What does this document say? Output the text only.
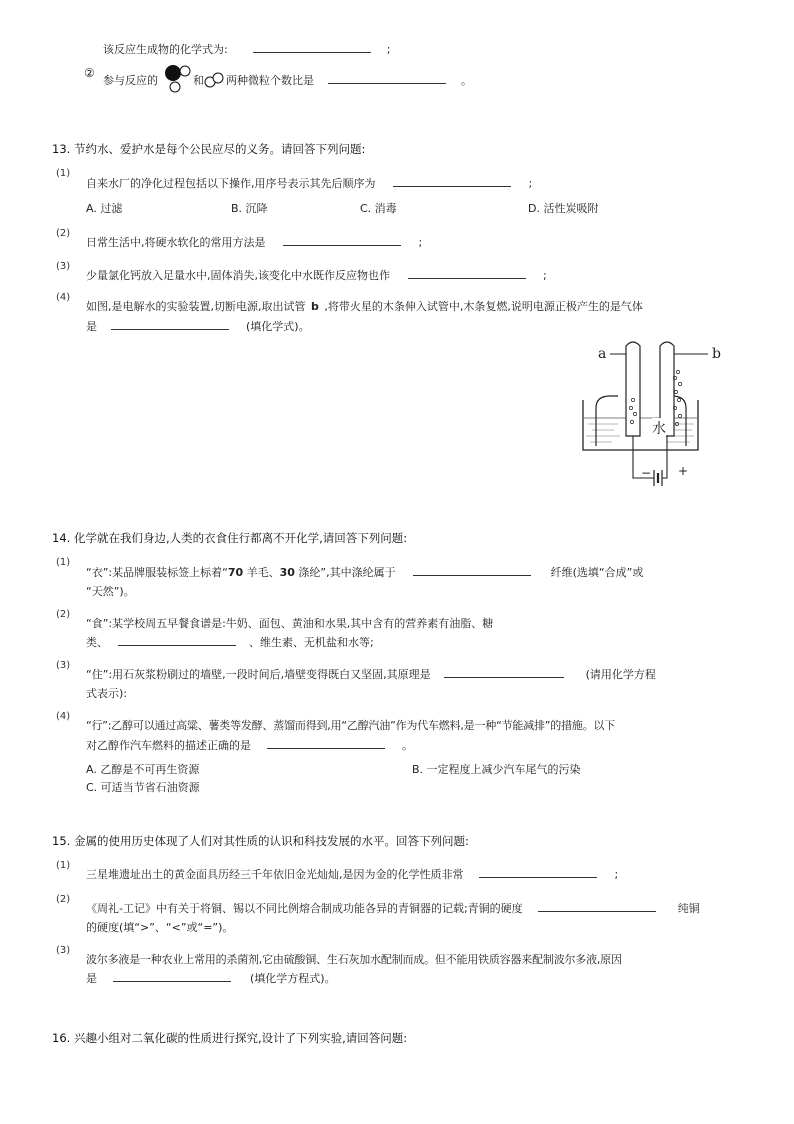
该反应生成物的化学式为:	;
②
参与反应的	和 两种微粒个数比是	。
13. 节约水、爱护水是每个公民应尽的义务。请回答下列问题:
(1)
自来水厂的净化过程包括以下操作,用序号表示其先后顺序为	;
A. 过滤	B. 沉降	C. 消毒	D. 活性炭吸附
(2)
日常生活中,将硬水软化的常用方法是	;
(3)
少量氯化钙放入足量水中,固体消失,该变化中水既作反应物也作	;
(4)
如图,是电解水的实验装置,切断电源,取出试管 b ,将带火星的木条伸入试管中,木条复燃,说明电源正极产生的是气体
是	(填化学式)。
a	b
水
− +
14. 化学就在我们身边,人类的衣食住行都离不开化学,请回答下列问题:
(1)
“衣”:某品牌服装标签上标着“70 羊毛、30 涤纶”,其中涤纶属于	纤维(选填“合成”或
“天然”)。
(2)
“食”:某学校周五早餐食谱是:牛奶、面包、黄油和水果,其中含有的营养素有油脂、糖
类、	、维生素、无机盐和水等;
(3)
“住”:用石灰浆粉刷过的墙壁,一段时间后,墙壁变得既白又坚固,其原理是	(请用化学方程
式表示):
(4)
“行”:乙醇可以通过高粱、薯类等发酵、蒸馏而得到,用“乙醇汽油”作为代车燃料,是一种“节能减排”的措施。以下
对乙醇作汽车燃料的描述正确的是	。
A. 乙醇是不可再生资源	B. 一定程度上减少汽车尾气的污染
C. 可适当节省石油资源
15. 金属的使用历史体现了人们对其性质的认识和科技发展的水平。回答下列问题:
(1)
三星堆遗址出土的黄金面具历经三千年依旧金光灿灿,是因为金的化学性质非常	;
(2)
《周礼-工记》中有关于将铜、锡以不同比例熔合制成功能各异的青铜器的记载;青铜的硬度	纯铜
的硬度(填“>”、“<”或“=”)。
(3)
波尔多液是一种农业上常用的杀菌剂,它由硫酸铜、生石灰加水配制而成。但不能用铁质容器来配制波尔多液,原因
是	(填化学方程式)。
16. 兴趣小组对二氧化碳的性质进行探究,设计了下列实验,请回答问题:
